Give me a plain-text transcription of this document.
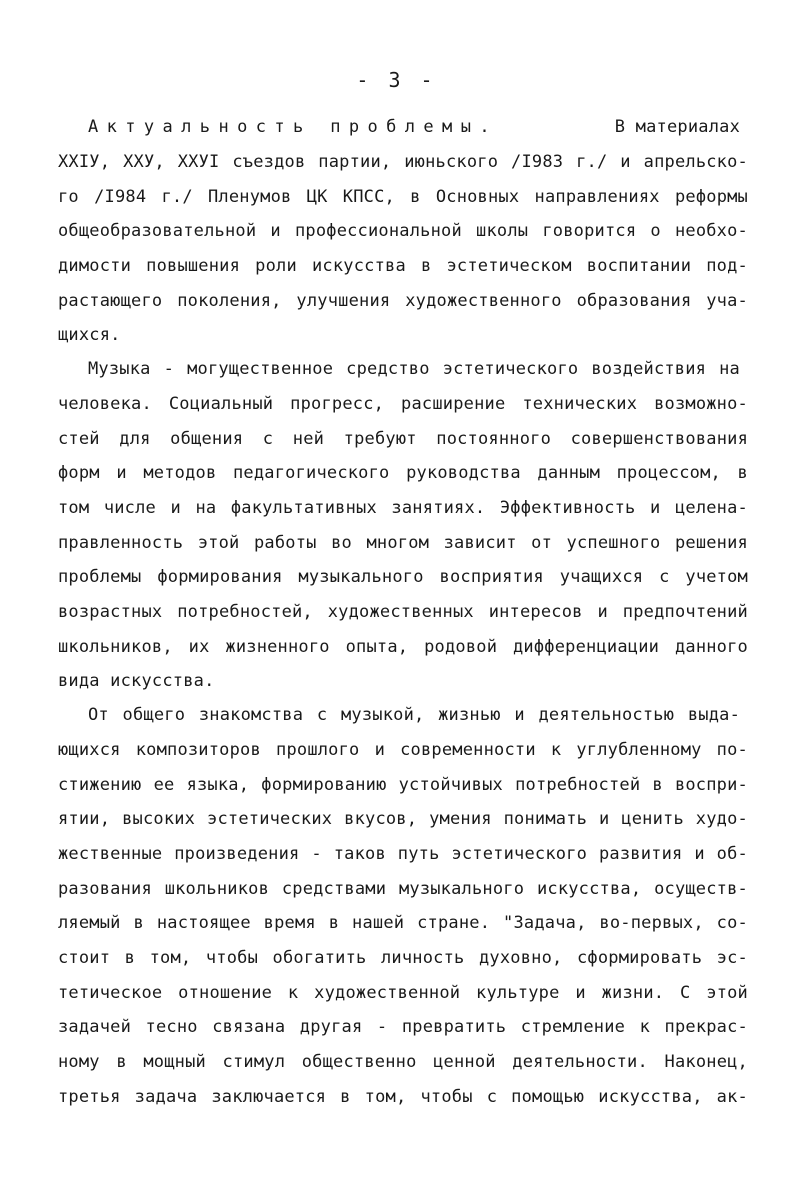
- 3 -
Актуальность проблемы.	В материалах
XXIУ, ХХУ, XXУI съездов партии, июньского /I983 г./ и апрельско-
го /I984 г./ Пленумов ЦК КПСС, в Основных направлениях реформы
общеобразовательной и профессиональной школы говорится о необхо-
димости повышения роли искусства в эстетическом воспитании под-
растающего поколения, улучшения художественного образования уча-
щихся.
Музыка - могущественное средство эстетического воздействия на
человека. Социальный прогресс, расширение технических возможно-
стей для общения с ней требуют постоянного совершенствования
форм и методов педагогического руководства данным процессом, в
том числе и на факультативных занятиях. Эффективность и целена-
правленность этой работы во многом зависит от успешного решения
проблемы формирования музыкального восприятия учащихся с учетом
возрастных потребностей, художественных интересов и предпочтений
школьников, их жизненного опыта, родовой дифференциации данного
вида искусства.
От общего знакомства с музыкой, жизнью и деятельностью выда-
ющихся композиторов прошлого и современности к углубленному по-
стижению ее языка, формированию устойчивых потребностей в воспри-
ятии, высоких эстетических вкусов, умения понимать и ценить худо-
жественные произведения - таков путь эстетического развития и об-
разования школьников средствами музыкального искусства, осуществ-
ляемый в настоящее время в нашей стране. "Задача, во-первых, со-
стоит в том, чтобы обогатить личность духовно, сформировать эс-
тетическое отношение к художественной культуре и жизни. С этой
задачей тесно связана другая - превратить стремление к прекрас-
ному в мощный стимул общественно ценной деятельности. Наконец,
третья задача заключается в том, чтобы с помощью искусства, ак-
